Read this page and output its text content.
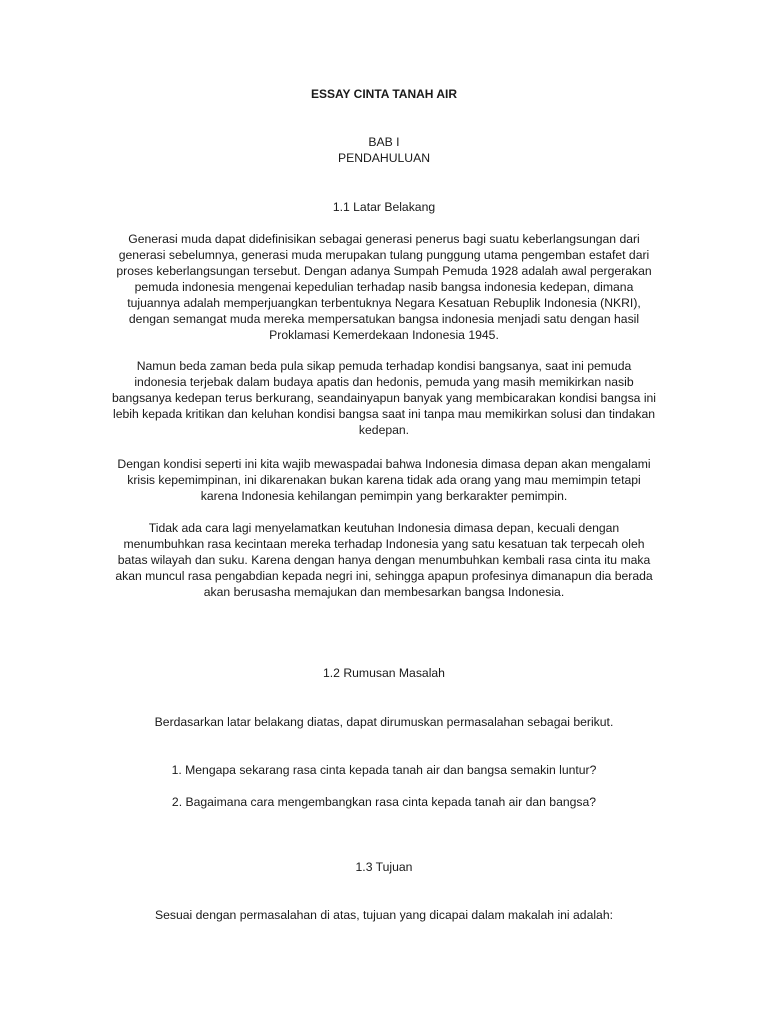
ESSAY CINTA TANAH AIR

BAB I

PENDAHULUAN

1.1 Latar Belakang

Generasi muda dapat didefinisikan sebagai generasi penerus bagi suatu keberlangsungan dari
generasi sebelumnya, generasi muda merupakan tulang punggung utama pengemban estafet dari
proses keberlangsungan tersebut. Dengan adanya Sumpah Pemuda 1928 adalah awal pergerakan
pemuda indonesia mengenai kepedulian terhadap nasib bangsa indonesia kedepan, dimana
tujuannya adalah memperjuangkan terbentuknya Negara Kesatuan Rebuplik Indonesia (NKRI),
dengan semangat muda mereka mempersatukan bangsa indonesia menjadi satu dengan hasil
Proklamasi Kemerdekaan Indonesia 1945.
Namun beda zaman beda pula sikap pemuda terhadap kondisi bangsanya, saat ini pemuda
indonesia terjebak dalam budaya apatis dan hedonis, pemuda yang masih memikirkan nasib
bangsanya kedepan terus berkurang, seandainyapun banyak yang membicarakan kondisi bangsa ini
lebih kepada kritikan dan keluhan kondisi bangsa saat ini tanpa mau memikirkan solusi dan tindakan
kedepan.
Dengan kondisi seperti ini kita wajib mewaspadai bahwa Indonesia dimasa depan akan mengalami
krisis kepemimpinan, ini dikarenakan bukan karena tidak ada orang yang mau memimpin tetapi
karena Indonesia kehilangan pemimpin yang berkarakter pemimpin.
Tidak ada cara lagi menyelamatkan keutuhan Indonesia dimasa depan, kecuali dengan
menumbuhkan rasa kecintaan mereka terhadap Indonesia yang satu kesatuan tak terpecah oleh
batas wilayah dan suku. Karena dengan hanya dengan menumbuhkan kembali rasa cinta itu maka
akan muncul rasa pengabdian kepada negri ini, sehingga apapun profesinya dimanapun dia berada
akan berusasha memajukan dan membesarkan bangsa Indonesia.

1.2 Rumusan Masalah

Berdasarkan latar belakang diatas, dapat dirumuskan permasalahan sebagai berikut.

1. Mengapa sekarang rasa cinta kepada tanah air dan bangsa semakin luntur?

2. Bagaimana cara mengembangkan rasa cinta kepada tanah air dan bangsa?

1.3 Tujuan

Sesuai dengan permasalahan di atas, tujuan yang dicapai dalam makalah ini adalah:
